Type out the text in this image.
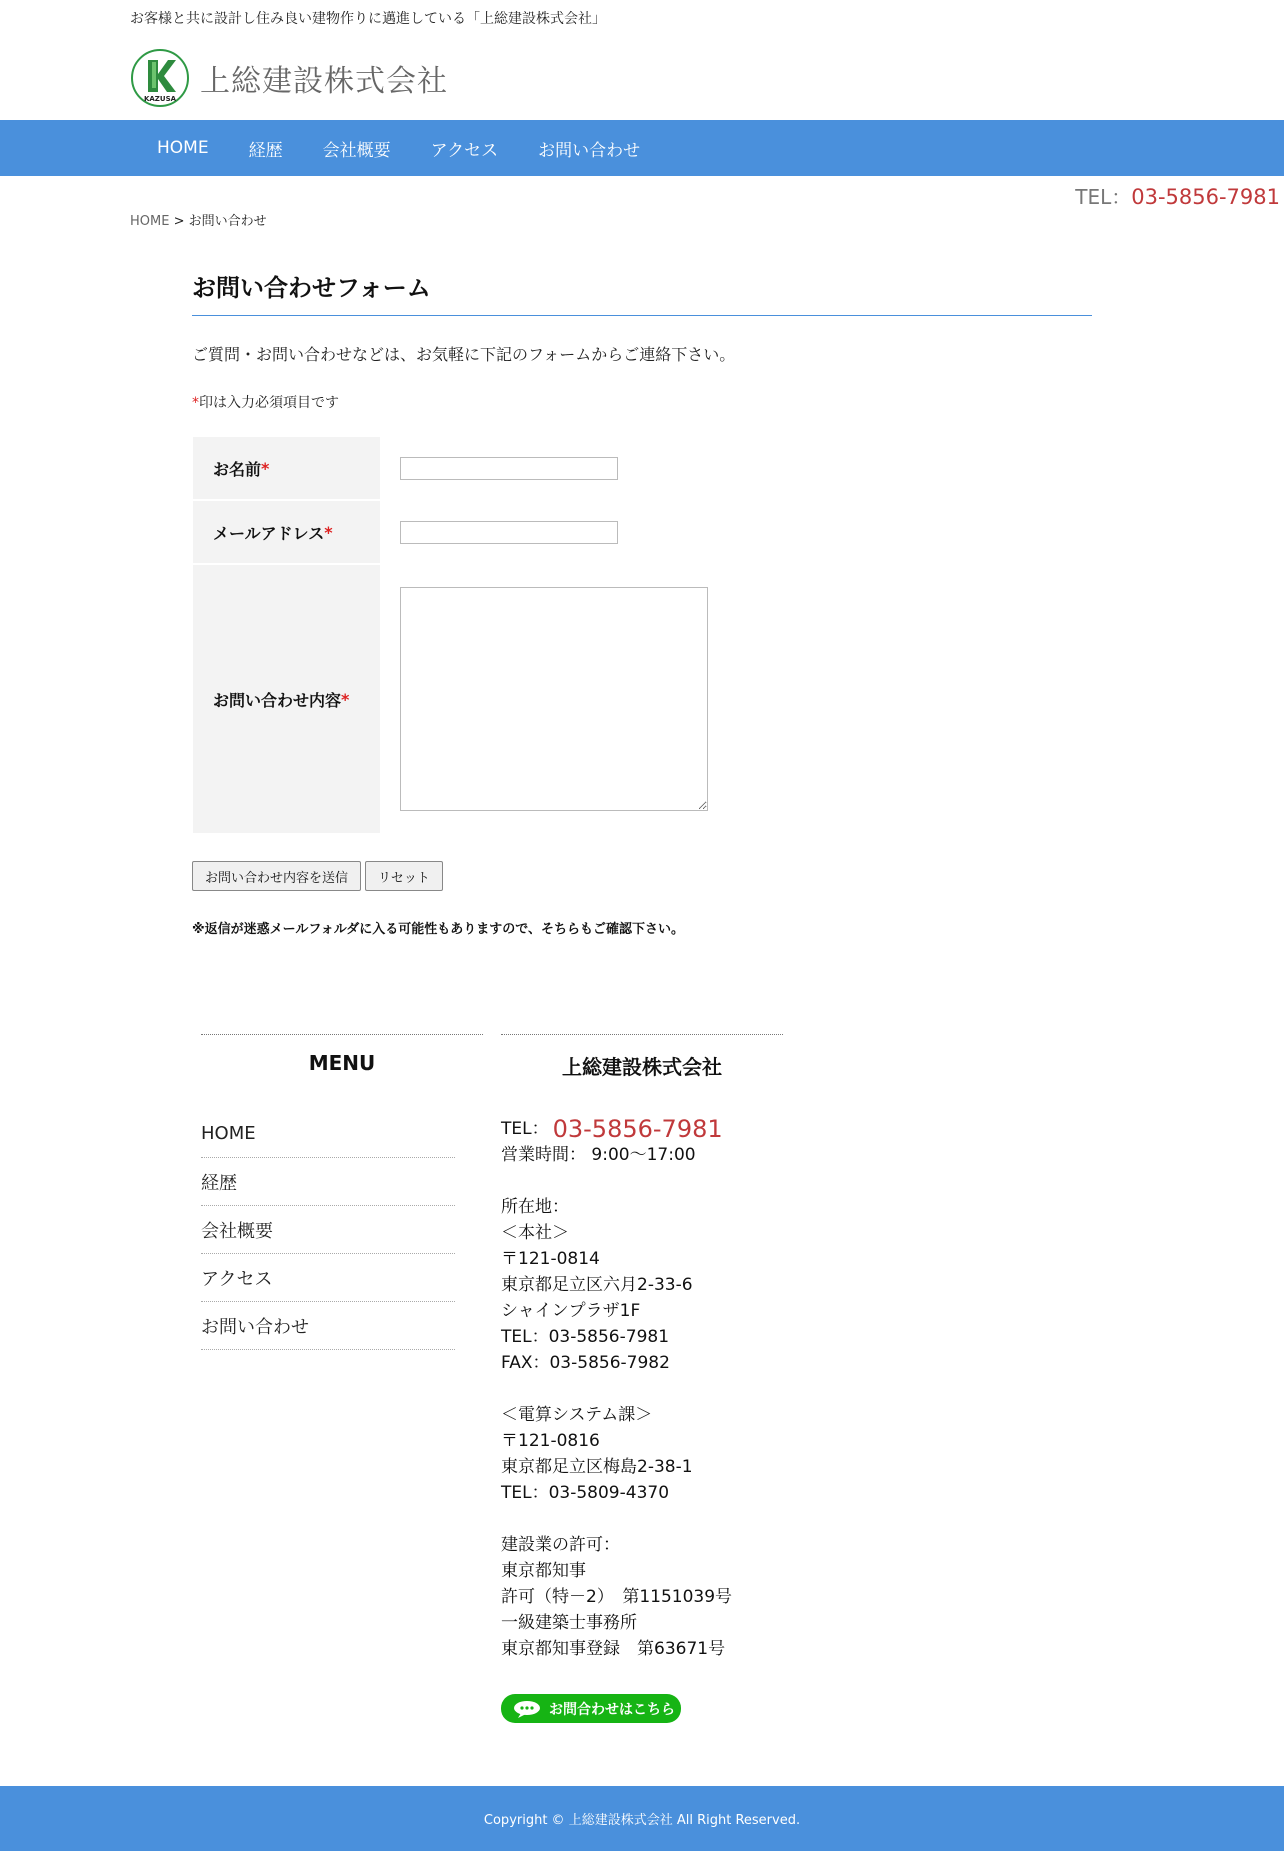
お客様と共に設計し住み良い建物作りに邁進している「上総建設株式会社」
KAZUSA 上総建設株式会社
HOME	経歴	会社概要	アクセス	お問い合わせ
TEL：03-5856-7981
HOME > お問い合わせ
お問い合わせフォーム

ご質問・お問い合わせなどは、お気軽に下記のフォームからご連絡下さい。

*印は入力必須項目です

お名前 *
メールアドレス *
お問い合わせ内容 *
お問い合わせ内容を送信	リセット

※返信が迷惑メールフォルダに入る可能性もありますので、そちらもご確認下さい。

MENU
HOME
経歴
会社概要
アクセス
お問い合わせ
上総建設株式会社
TEL： 03-5856-7981
営業時間： 9:00～17:00
所在地：
＜本社＞
〒121-0814
東京都足立区六月2-33-6
シャインプラザ1F
TEL：03-5856-7981
FAX：03-5856-7982
＜電算システム課＞
〒121-0816
東京都足立区梅島2-38-1
TEL：03-5809-4370
建設業の許可：
東京都知事
許可（特－2）　第1151039号
一級建築士事務所
東京都知事登録　第63671号
お問合わせはこちら
Copyright © 上総建設株式会社 All Right Reserved.
